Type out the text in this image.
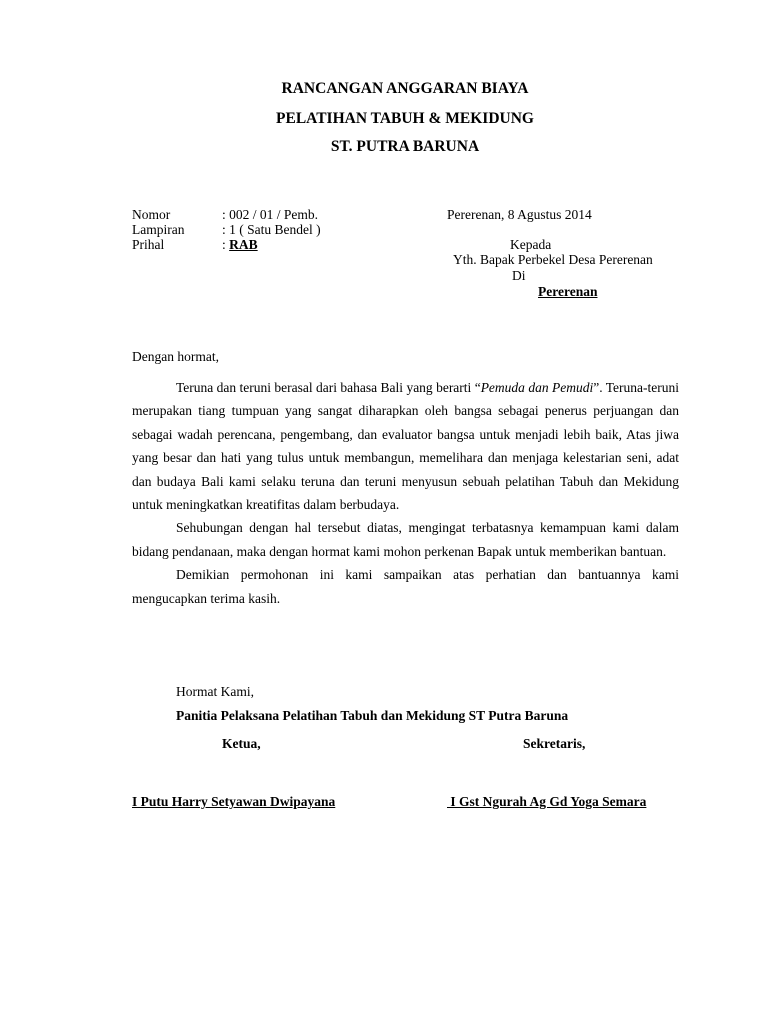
RANCANGAN ANGGARAN BIAYA
PELATIHAN TABUH & MEKIDUNG
ST. PUTRA BARUNA
Nomor	: 002 / 01 / Pemb.	Pererenan, 8 Agustus 2014
Lampiran	: 1 ( Satu Bendel )
Prihal	: RAB	Kepada
Yth. Bapak Perbekel Desa Pererenan
Di
Pererenan
Dengan hormat,

Teruna dan teruni berasal dari bahasa Bali yang berarti “Pemuda dan Pemudi”. Teruna-teruni merupakan tiang tumpuan yang sangat diharapkan oleh bangsa sebagai penerus perjuangan dan sebagai wadah perencana, pengembang, dan evaluator bangsa untuk menjadi lebih baik, Atas jiwa yang besar dan hati yang tulus untuk membangun, memelihara dan menjaga kelestarian seni, adat dan budaya Bali kami selaku teruna dan teruni menyusun sebuah pelatihan Tabuh dan Mekidung untuk meningkatkan kreatifitas dalam berbudaya.

Sehubungan dengan hal tersebut diatas, mengingat terbatasnya kemampuan kami dalam bidang pendanaan, maka dengan hormat kami mohon perkenan Bapak untuk memberikan bantuan.

Demikian permohonan ini kami sampaikan atas perhatian dan bantuannya kami mengucapkan terima kasih.

Hormat Kami,
Panitia Pelaksana Pelatihan Tabuh dan Mekidung ST Putra Baruna
Ketua,	Sekretaris,
I Putu Harry Setyawan Dwipayana	I Gst Ngurah Ag Gd Yoga Semara
